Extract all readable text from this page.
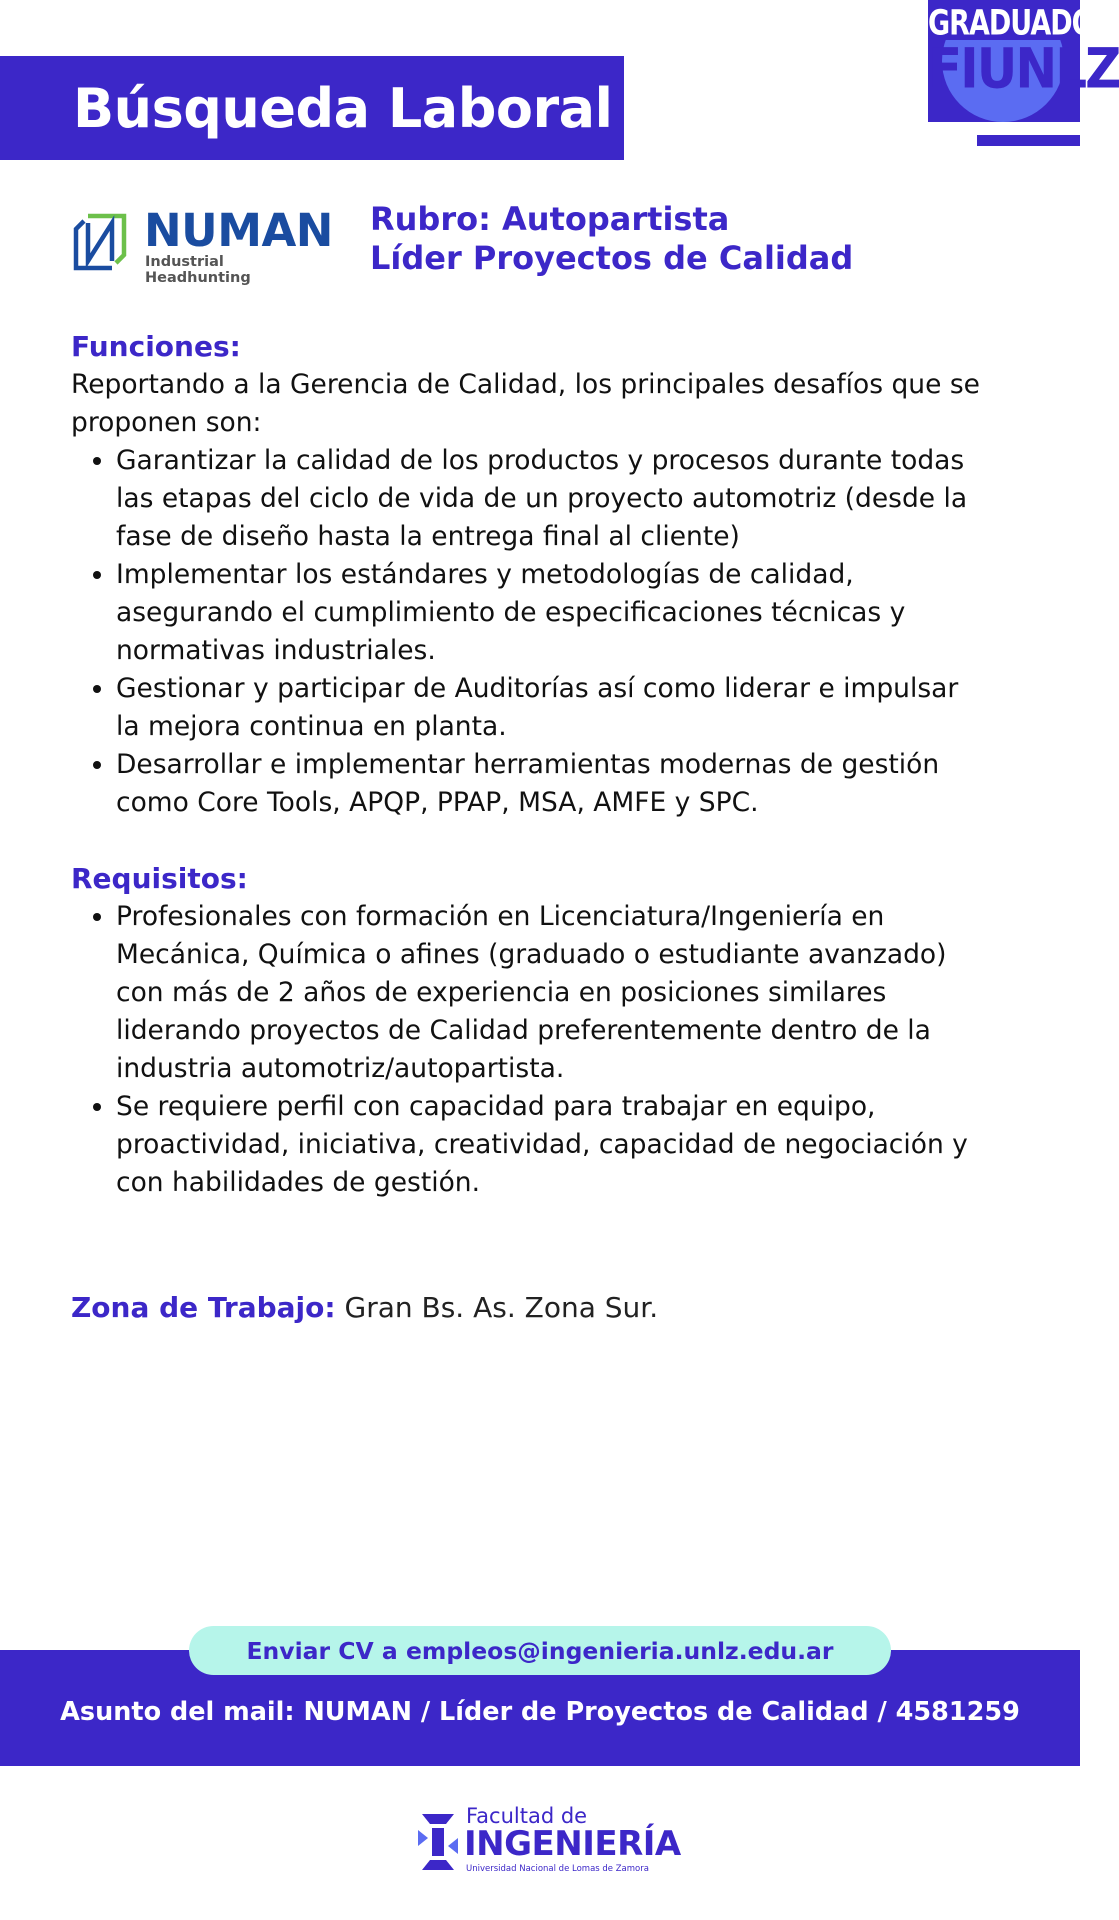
Búsqueda Laboral
GRADUADOS
FIUNLZ
NUMAN
Industrial Headhunting
Rubro: Autopartista
Líder Proyectos de Calidad

Funciones:

Reportando a la Gerencia de Calidad, los principales desafíos que se proponen son:

• Garantizar la calidad de los productos y procesos durante todas las etapas del ciclo de vida de un proyecto automotriz (desde la fase de diseño hasta la entrega final al cliente)
• Implementar los estándares y metodologías de calidad, asegurando el cumplimiento de especificaciones técnicas y normativas industriales.
• Gestionar y participar de Auditorías así como liderar e impulsar la mejora continua en planta.
• Desarrollar e implementar herramientas modernas de gestión como Core Tools, APQP, PPAP, MSA, AMFE y SPC.

Requisitos:

• Profesionales con formación en Licenciatura/Ingeniería en Mecánica, Química o afines (graduado o estudiante avanzado) con más de 2 años de experiencia en posiciones similares liderando proyectos de Calidad preferentemente dentro de la industria automotriz/autopartista.
• Se requiere perfil con capacidad para trabajar en equipo, proactividad, iniciativa, creatividad, capacidad de negociación y con habilidades de gestión.
Zona de Trabajo: Gran Bs. As. Zona Sur.
Enviar CV a empleos@ingenieria.unlz.edu.ar
Asunto del mail: NUMAN / Líder de Proyectos de Calidad / 4581259
Facultad de
INGENIERÍA
Universidad Nacional de Lomas de Zamora
